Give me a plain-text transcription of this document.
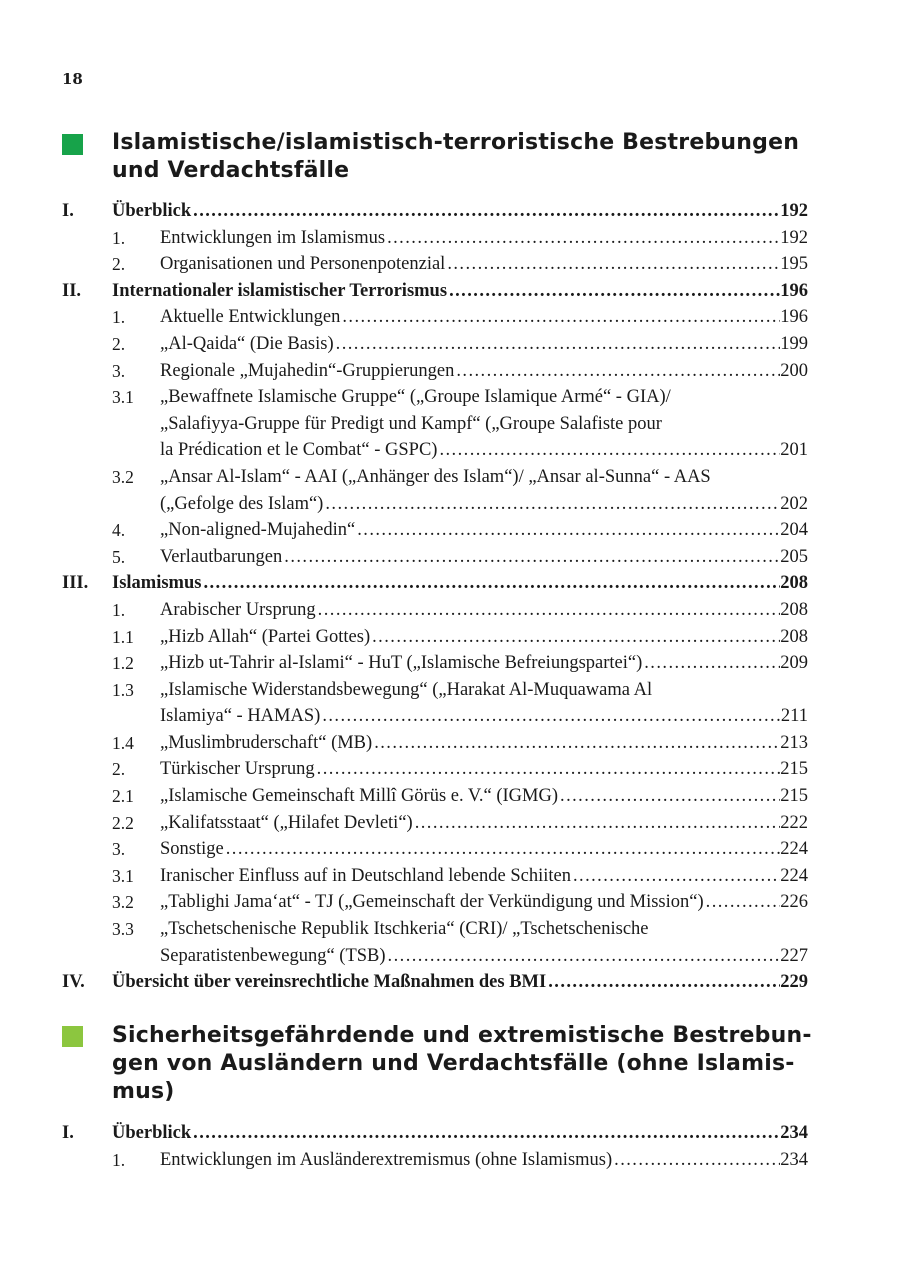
18
Islamistische/islamistisch-terroristische Bestrebungen
und Verdachtsfälle
I. Überblick . . .	192
1. Entwicklungen im Islamismus . . .	192
2. Organisationen und Personenpotenzial . . .	195
II. Internationaler islamistischer Terrorismus . . .	196
1. Aktuelle Entwicklungen . . .	196
2. „Al-Qaida“ (Die Basis) . . .	199
3. Regionale „Mujahedin“-Gruppierungen . . .	200
3.1 „Bewaffnete Islamische Gruppe“ („Groupe Islamique Armé“ - GIA)/
„Salafiyya-Gruppe für Predigt und Kampf“ („Groupe Salafiste pour
la Prédication et le Combat“ - GSPC) . . .	201
3.2 „Ansar Al-Islam“ - AAI („Anhänger des Islam“)/ „Ansar al-Sunna“ - AAS
(„Gefolge des Islam“) . . .	202
4. „Non-aligned-Mujahedin“ . . .	204
5. Verlautbarungen . . .	205
III. Islamismus . . .	208
1. Arabischer Ursprung . . .	208
1.1 „Hizb Allah“ (Partei Gottes) . . .	208
1.2 „Hizb ut-Tahrir al-Islami“ - HuT („Islamische Befreiungspartei“) . . .	209
1.3 „Islamische Widerstandsbewegung“ („Harakat Al-Muquawama Al
Islamiya“ - HAMAS) . . .	211
1.4 „Muslimbruderschaft“ (MB) . . .	213
2. Türkischer Ursprung . . .	215
2.1 „Islamische Gemeinschaft Millî Görüs e. V.“ (IGMG) . . .	215
2.2 „Kalifatsstaat“ („Hilafet Devleti“) . . .	222
3. Sonstige . . .	224
3.1 Iranischer Einfluss auf in Deutschland lebende Schiiten . . .	224
3.2 „Tablighi Jama‘at“ - TJ („Gemeinschaft der Verkündigung und Mission“) . . .	226
3.3 „Tschetschenische Republik Itschkeria“ (CRI)/ „Tschetschenische
Separatistenbewegung“ (TSB) . . .	227
IV. Übersicht über vereinsrechtliche Maßnahmen des BMI . . .	229
Sicherheitsgefährdende und extremistische Bestrebun-
gen von Ausländern und Verdachtsfälle (ohne Islamis-
mus)
I. Überblick . . .	234
1. Entwicklungen im Ausländerextremismus (ohne Islamismus) . . .	234
